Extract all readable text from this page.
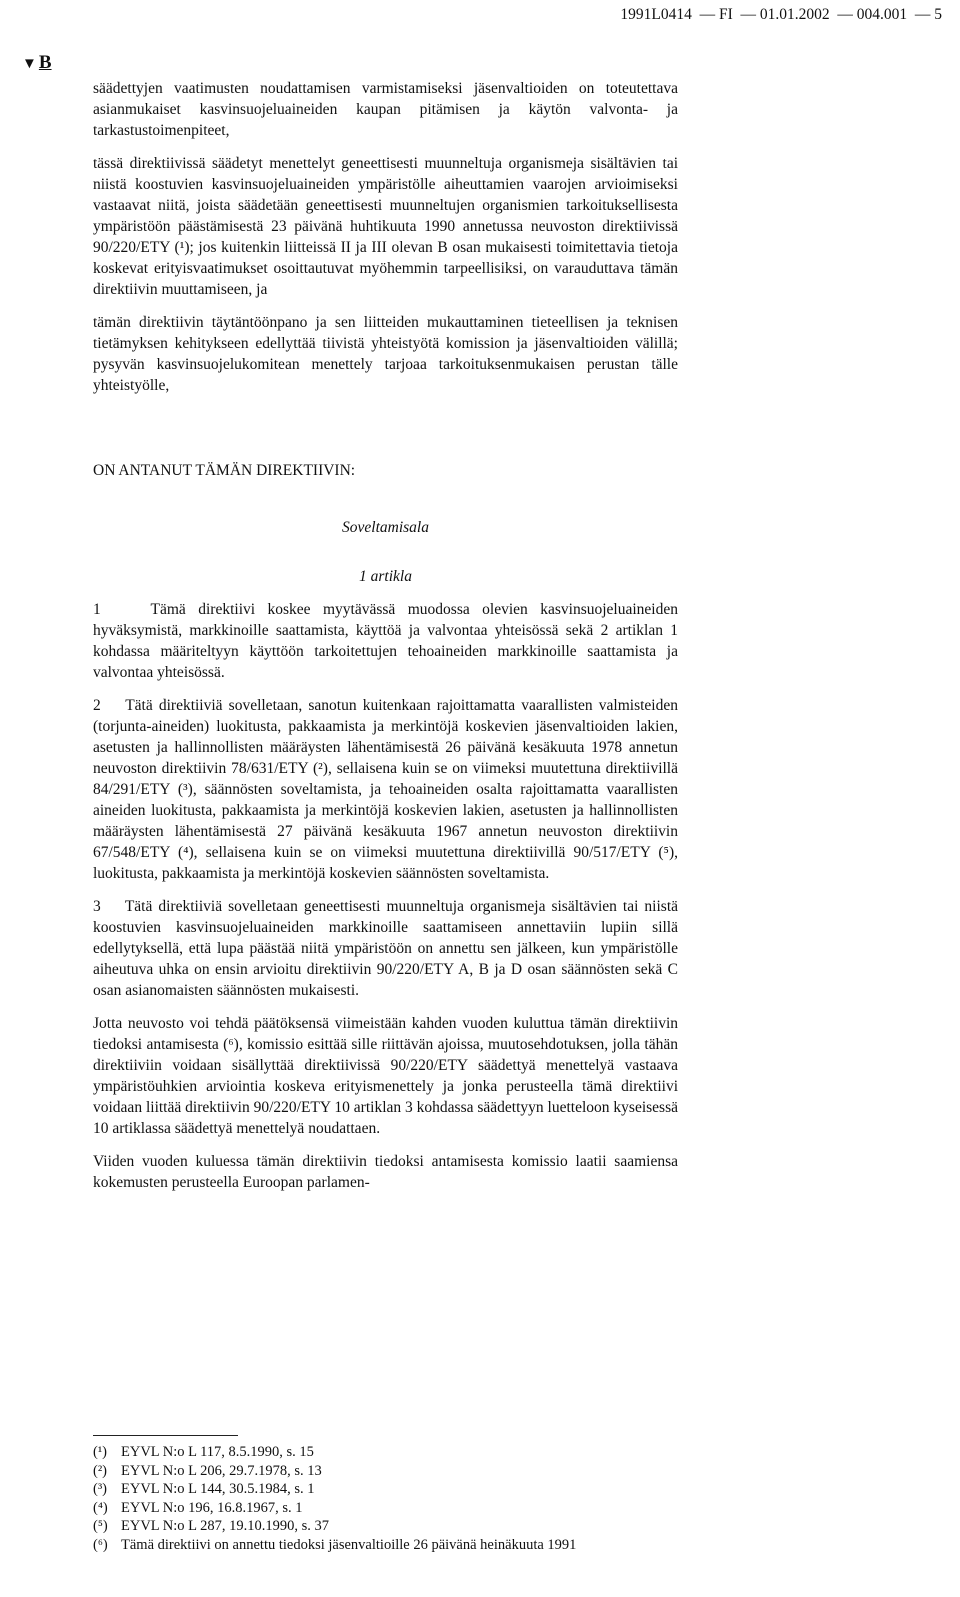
1991L0414  — FI  — 01.01.2002  — 004.001  — 5
▼ B

säädettyjen vaatimusten noudattamisen varmistamiseksi jäsenvaltioiden on toteutettava asianmukaiset kasvinsuojeluaineiden kaupan pitämisen ja käytön valvonta- ja tarkastustoimenpiteet,

tässä direktiivissä säädetyt menettelyt geneettisesti muunneltuja organismeja sisältävien tai niistä koostuvien kasvinsuojeluaineiden ympäristölle aiheuttamien vaarojen arvioimiseksi vastaavat niitä, joista säädetään geneettisesti muunneltujen organismien tarkoituksellisesta ympäristöön päästämisestä 23 päivänä huhtikuuta 1990 annetussa neuvoston direktiivissä 90/220/ETY (¹); jos kuitenkin liitteissä II ja III olevan B osan mukaisesti toimitettavia tietoja koskevat erityisvaatimukset osoittautuvat myöhemmin tarpeellisiksi, on varauduttava tämän direktiivin muuttamiseen, ja

tämän direktiivin täytäntöönpano ja sen liitteiden mukauttaminen tieteellisen ja teknisen tietämyksen kehitykseen edellyttää tiivistä yhteistyötä komission ja jäsenvaltioiden välillä; pysyvän kasvinsuojelukomitean menettely tarjoaa tarkoituksenmukaisen perustan tälle yhteistyölle,

ON ANTANUT TÄMÄN DIREKTIIVIN:

Soveltamisala

1 artikla

1	Tämä direktiivi koskee myytävässä muodossa olevien kasvinsuojeluaineiden hyväksymistä, markkinoille saattamista, käyttöä ja valvontaa yhteisössä sekä 2 artiklan 1 kohdassa määriteltyyn käyttöön tarkoitettujen tehoaineiden markkinoille saattamista ja valvontaa yhteisössä.

2 Tätä direktiiviä sovelletaan, sanotun kuitenkaan rajoittamatta vaarallisten valmisteiden (torjunta-aineiden) luokitusta, pakkaamista ja merkintöjä koskevien jäsenvaltioiden lakien, asetusten ja hallinnollisten määräysten lähentämisestä 26 päivänä kesäkuuta 1978 annetun neuvoston direktiivin 78/631/ETY (²), sellaisena kuin se on viimeksi muutettuna direktiivillä 84/291/ETY (³), säännösten soveltamista, ja tehoaineiden osalta rajoittamatta vaarallisten aineiden luokitusta, pakkaamista ja merkintöjä koskevien lakien, asetusten ja hallinnollisten määräysten lähentämisestä 27 päivänä kesäkuuta 1967 annetun neuvoston direktiivin 67/548/ETY (⁴), sellaisena kuin se on viimeksi muutettuna direktiivillä 90/517/ETY (⁵), luokitusta, pakkaamista ja merkintöjä koskevien säännösten soveltamista.

3 Tätä direktiiviä sovelletaan geneettisesti muunneltuja organismeja sisältävien tai niistä koostuvien kasvinsuojeluaineiden markkinoille saattamiseen annettaviin lupiin sillä edellytyksellä, että lupa päästää niitä ympäristöön on annettu sen jälkeen, kun ympäristölle aiheutuva uhka on ensin arvioitu direktiivin 90/220/ETY A, B ja D osan säännösten sekä C osan asianomaisten säännösten mukaisesti.

Jotta neuvosto voi tehdä päätöksensä viimeistään kahden vuoden kuluttua tämän direktiivin tiedoksi antamisesta (⁶), komissio esittää sille riittävän ajoissa, muutosehdotuksen, jolla tähän direktiiviin voidaan sisällyttää direktiivissä 90/220/ETY säädettyä menettelyä vastaava ympäristöuhkien arviointia koskeva erityismenettely ja jonka perusteella tämä direktiivi voidaan liittää direktiivin 90/220/ETY 10 artiklan 3 kohdassa säädettyyn luetteloon kyseisessä 10 artiklassa säädettyä menettelyä noudattaen.

Viiden vuoden kuluessa tämän direktiivin tiedoksi antamisesta komissio laatii saamiensa kokemusten perusteella Euroopan parlamen-

(¹) EYVL N:o L 117, 8.5.1990, s. 15
(²) EYVL N:o L 206, 29.7.1978, s. 13
(³) EYVL N:o L 144, 30.5.1984, s. 1
(⁴) EYVL N:o 196, 16.8.1967, s. 1
(⁵) EYVL N:o L 287, 19.10.1990, s. 37
(⁶) Tämä direktiivi on annettu tiedoksi jäsenvaltioille 26 päivänä heinäkuuta 1991
